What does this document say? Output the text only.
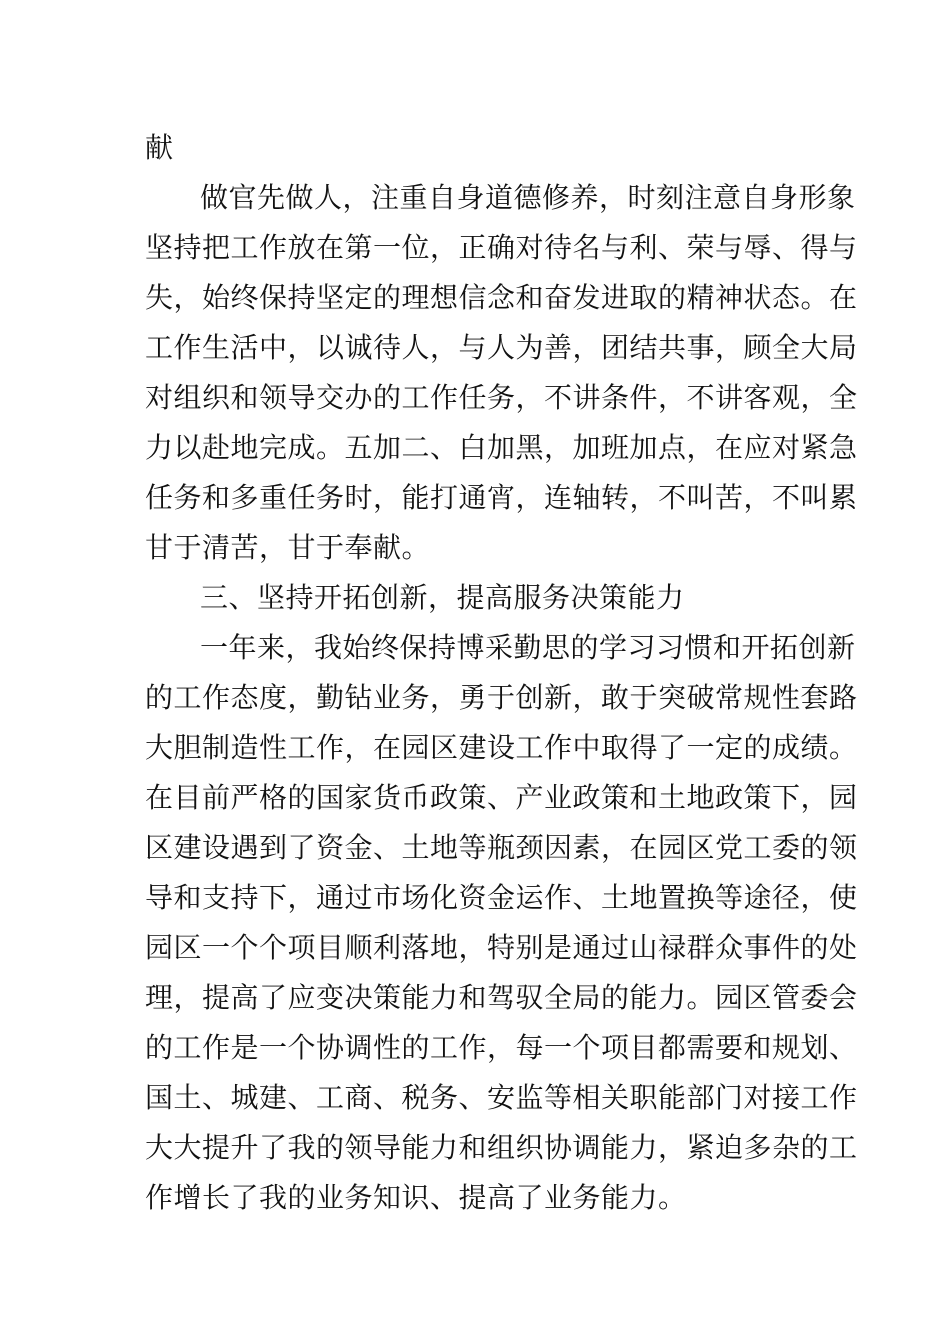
献
做官先做人，注重自身道德修养，时刻注意自身形象
坚持把工作放在第一位，正确对待名与利、荣与辱、得与
失，始终保持坚定的理想信念和奋发进取的精神状态。在
工作生活中，以诚待人，与人为善，团结共事，顾全大局
对组织和领导交办的工作任务，不讲条件，不讲客观，全
力以赴地完成。五加二、白加黑，加班加点，在应对紧急
任务和多重任务时，能打通宵，连轴转，不叫苦，不叫累
甘于清苦，甘于奉献。
三、坚持开拓创新，提高服务决策能力
一年来，我始终保持博采勤思的学习习惯和开拓创新
的工作态度，勤钻业务，勇于创新，敢于突破常规性套路
大胆制造性工作，在园区建设工作中取得了一定的成绩。
在目前严格的国家货币政策、产业政策和土地政策下，园
区建设遇到了资金、土地等瓶颈因素，在园区党工委的领
导和支持下，通过市场化资金运作、土地置换等途径，使
园区一个个项目顺利落地，特别是通过山禄群众事件的处
理，提高了应变决策能力和驾驭全局的能力。园区管委会
的工作是一个协调性的工作，每一个项目都需要和规划、
国土、城建、工商、税务、安监等相关职能部门对接工作
大大提升了我的领导能力和组织协调能力，紧迫多杂的工
作增长了我的业务知识、提高了业务能力。
